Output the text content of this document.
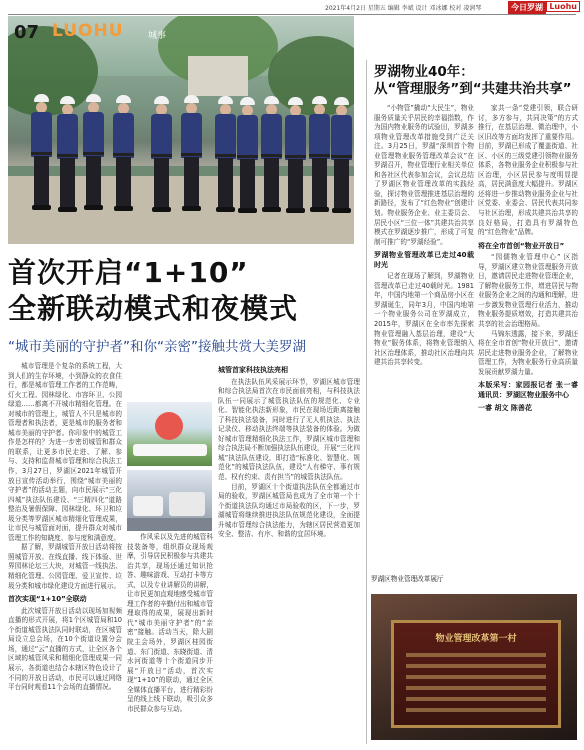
2021年4月2日 星期五 编辑 李斌 设计 邓冰娜 校对 凌润琴	今日罗湖 Luohu
07 LUOHU	城事
罗湖物业40年：
从“管理服务”到“共建共治共享”

“小物管”撬动“大民生”，物业服务质量关乎居民的幸福指数，作为国内物业服务的试验田，罗湖多项物业管理改革措施受到广泛关注。3月25日，罗湖“深圳首个物业管理物业服务管理改革会议”在罗湖召开，物业管理行业相关单位和各社区代表参加会议，会议总结了罗湖区物业管理改革的实践经验，探讨物业管理推进基层治理的新路径，发布了“红色物业”创建计划。物业服务企业、业主委员会、居民小区“三位一体”共建共治共享模式在罗湖逐步推广，形成了可复制可推广的“罗湖经验”。

罗湖物业管理改革已走过40载时光

记者在现场了解到，罗湖物业管理改革已走过40载时光。1981年，中国内地第一个商品房小区在罗湖诞生，同年3月，中国内地第一个物业服务公司在罗湖成立，2015年，罗湖区在全市率先探索物业管理融入基层治理，建设“大物业”服务体系，将物业管理纳入社区治理体系，推动社区治理向共建共治共享转变。

家共一条“党建引领，联合研讨，多方参与，共同决策”的方式推行，在基层治理、微治理中，小区旧改等方面均发挥了重要作用。目前，罗湖已形成了覆盖街道、社区、小区的三级党建引领物业服务体系，各物业服务企业积极参与社区治理，小区居民参与度明显提高，居民满意度大幅提升。罗湖区还将进一步推动物业服务企业与社区党委、业委会、居民代表共同参与社区治理，形成共建共治共享的良好格局，打造具有罗湖特色的“红色物业”品牌。

将在全市首创“物业开放日”

“园儒物业管理中心” 区指导，罗湖区建立物业管理服务开放日，邀请居民走进物业管理企业，了解物业服务工作，增进居民与物业服务企业之间的沟通和理解，进一步激发物业管理行业活力，推动物业服务提质增效，打造共建共治共享的社会治理格局。

马锦东透露，接下来，罗湖还将在全市首创“物业开放日”，邀请居民走进物业服务企业，了解物业管理工作，为物业服务行业高质量发展贡献罗湖力量。

本版采写：家园报记者 张一睿 通讯员：罗湖区物业服务中心
一睿 胡文 陈善花
首次开启“1+10”
全新联动模式和夜模式
“城市美丽的守护者”和你“亲密”接触共赏大美罗湖

城市管理是个复杂的系统工程，大到人们的生存环境，小到静众的衣食住行，都是城市管理工作者的工作范畴，灯火工程、园林绿化、市容环卫、公园绿道……都离不开城市精细化管理。在对城市的管理上，城管人不只是城市的管理者和执法者，更是城市的服务者和城市美丽的守护者。你印象中的城管工作是怎样的？为进一步密切城管和群众的联系，让更多市民走进、了解、参与、支持和监督城市管理和综合执法工作，3月27日，罗湖区2021年城管开放日宣传活动举行，围绕“城市美丽的守护者”的活动主题，向市民展示“三化四城”执法队伍建设、“三精四化”道路整治及暑假保障、园林绿化、环卫和垃圾分类等罗湖区城市精细化管理成果，让市民与城管面对面，提升群众对城市管理工作的知晓度、参与度和满意度。

据了解，罗湖城管开放日活动将按照城管开放、在线直播、线下体验、世界园林论坛三大块，对城管一线执法、精细化管理、公园管理、爱卫宣传、垃圾分类和城市绿化建设方面进行展示。

首次实现“1+10”全联动

此次城管开放日活动以现场加视频直播的形式开展，将1个区城管局和10个街道城管执法队同时联动，在区城管局设立总会场，在10个街道设置分会场，通过“云”直播的方式，让全区各个区域的城管风采和精细化管理成果一同展示，各街道也结合本辖区特色设计了不同的开放日活动，市民可以通过网络平台同时观看11个会场的直播情况。

作风采以及先进的城管科技装备等，组织群众现场观摩，引导居民积极参与共建共治共享，现场还通过知识抢答、趣味游戏、互动打卡等方式，以及专业讲解员的讲解，让市民更加直观地感受城市管理工作者的辛勤付出和城市管理取得的成果，展现出新时代“城市美丽守护者”的“亲密”接触。活动当天，除大剧院主会场外，罗湖区桂园街道、东门街道、东晓街道、清水河街道等十个街道同步开展“开放日”活动，首次实现“1+10”的联动，通过全区全媒体直播平台，进行精彩纷呈的线上线下联动，吸引众多市民群众参与互动。

城管首家科技执法亮相

在执法队伍风采展示环节，罗湖区城市管理和综合执法局首次在市民面前亮相，与科技执法队伍一同展示了城管执法队伍的规范化、专业化、智能化执法新形象，市民在现场近距离接触了科技执法装备，同时进行了无人机执法、执法记录仪、移动执法终端等执法装备的体验。为做好城市管理精细化执法工作，罗湖区城市管理和综合执法局不断加强执法队伍建设，开展“三化四城”执法队伍建设，即打造“标准化、智慧化、规范化”的城管执法队伍，建设“人有梯守、事有规范、权有约束、责有担当”的城管执法队伍。

目前，罗湖区十个街道执法队伍全都通过市局的验收，罗湖区城管局也成为了全市第一个十个街道执法队均通过市局验收的区，下一步，罗湖城管将继续推进执法队伍规范化建设，全面提升城市管理综合执法能力，为辖区居民营造更加安全、整洁、有序、和谐的宜居环境。

罗湖区物业管理改革展厅
物业管理改革第一村
